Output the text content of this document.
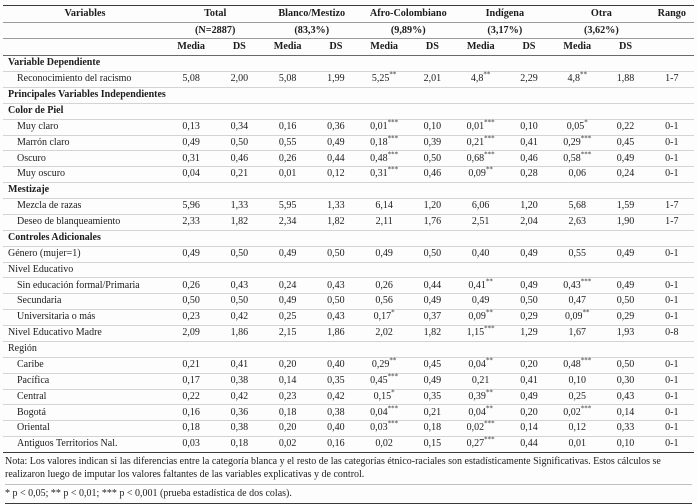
Variables	Total		Blanco/Mestizo		Afro-Colombiano		Indígena		Otra		Rango
	(N=2887)		(83,3%)		(9,89%)		(3,17%)		(3,62%)		
	Media	DS	Media	DS	Media	DS	Media	DS	Media	DS	
Variable Dependiente											
Reconocimiento del racismo	5,08	2,00	5,08	1,99	5,25**	2,01	4,8**	2,29	4,8**	1,88	1-7
Principales Variables Independientes											
Color de Piel											
Muy claro	0,13	0,34	0,16	0,36	0,01***	0,10	0,01***	0,10	0,05*	0,22	0-1
Marrón claro	0,49	0,50	0,55	0,49	0,18***	0,39	0,21***	0,41	0,29***	0,45	0-1
Oscuro	0,31	0,46	0,26	0,44	0,48***	0,50	0,68***	0,46	0,58***	0,49	0-1
Muy oscuro	0,04	0,21	0,01	0,12	0,31***	0,46	0,09**	0,28	0,06	0,24	0-1
Mestizaje											
Mezcla de razas	5,96	1,33	5,95	1,33	6,14	1,20	6,06	1,20	5,68	1,59	1-7
Deseo de blanqueamiento	2,33	1,82	2,34	1,82	2,11	1,76	2,51	2,04	2,63	1,90	1-7
Controles Adicionales											
Género (mujer=1)	0,49	0,50	0,49	0,50	0,49	0,50	0,40	0,49	0,55	0,49	0-1
Nivel Educativo											
Sin educación formal/Primaria	0,26	0,43	0,24	0,43	0,26	0,44	0,41**	0,49	0,43***	0,49	0-1
Secundaria	0,50	0,50	0,49	0,50	0,56	0,49	0,49	0,50	0,47	0,50	0-1
Universitaria o más	0,23	0,42	0,25	0,43	0,17*	0,37	0,09**	0,29	0,09**	0,29	0-1
Nivel Educativo Madre	2,09	1,86	2,15	1,86	2,02	1,82	1,15***	1,29	1,67	1,93	0-8
Región											
Caribe	0,21	0,41	0,20	0,40	0,29**	0,45	0,04**	0,20	0,48***	0,50	0-1
Pacífica	0,17	0,38	0,14	0,35	0,45***	0,49	0,21	0,41	0,10	0,30	0-1
Central	0,22	0,42	0,23	0,42	0,15*	0,35	0,39**	0,49	0,25	0,43	0-1
Bogotá	0,16	0,36	0,18	0,38	0,04***	0,21	0,04**	0,20	0,02***	0,14	0-1
Oriental	0,18	0,38	0,20	0,40	0,03***	0,18	0,02***	0,14	0,12	0,33	0-1
Antiguos Territorios Nal.	0,03	0,18	0,02	0,16	0,02	0,15	0,27***	0,44	0,01	0,10	0-1

Nota: Los valores indican si las diferencias entre la categoría blanca y el resto de las categorías étnico-raciales son estadísticamente Significativas. Estos cálculos se realizaron luego de imputar los valores faltantes de las variables explicativas y de control.

* p < 0,05; ** p < 0,01; *** p < 0,001 (prueba estadística de dos colas).
